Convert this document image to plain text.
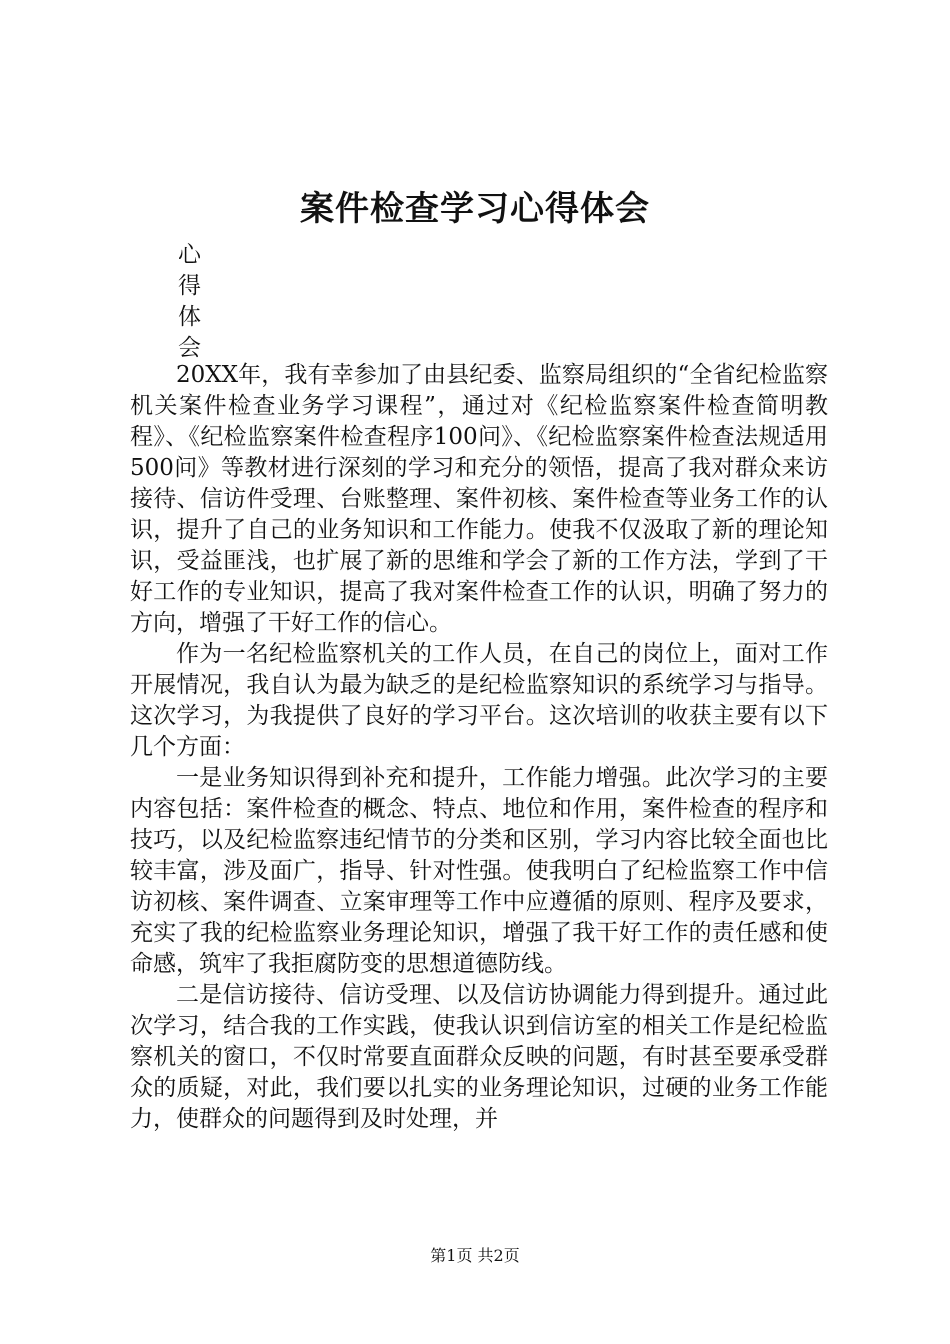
案件检查学习心得体会
心
得
体
会

20XX年，我有幸参加了由县纪委、监察局组织的“全省纪检监察机关案件检查业务学习课程”，通过对《纪检监察案件检查简明教程》、《纪检监察案件检查程序100问》、《纪检监察案件检查法规适用500问》等教材进行深刻的学习和充分的领悟，提高了我对群众来访接待、信访件受理、台账整理、案件初核、案件检查等业务工作的认识，提升了自己的业务知识和工作能力。使我不仅汲取了新的理论知识，受益匪浅，也扩展了新的思维和学会了新的工作方法，学到了干好工作的专业知识，提高了我对案件检查工作的认识，明确了努力的方向，增强了干好工作的信心。

作为一名纪检监察机关的工作人员，在自己的岗位上，面对工作开展情况，我自认为最为缺乏的是纪检监察知识的系统学习与指导。这次学习，为我提供了良好的学习平台。这次培训的收获主要有以下几个方面：

一是业务知识得到补充和提升，工作能力增强。此次学习的主要内容包括：案件检查的概念、特点、地位和作用，案件检查的程序和技巧，以及纪检监察违纪情节的分类和区别，学习内容比较全面也比较丰富，涉及面广，指导、针对性强。使我明白了纪检监察工作中信访初核、案件调查、立案审理等工作中应遵循的原则、程序及要求，充实了我的纪检监察业务理论知识，增强了我干好工作的责任感和使命感，筑牢了我拒腐防变的思想道德防线。

二是信访接待、信访受理、以及信访协调能力得到提升。通过此次学习，结合我的工作实践，使我认识到信访室的相关工作是纪检监察机关的窗口，不仅时常要直面群众反映的问题，有时甚至要承受群众的质疑，对此，我们要以扎实的业务理论知识，过硬的业务工作能力，使群众的问题得到及时处理，并

第1页 共2页
